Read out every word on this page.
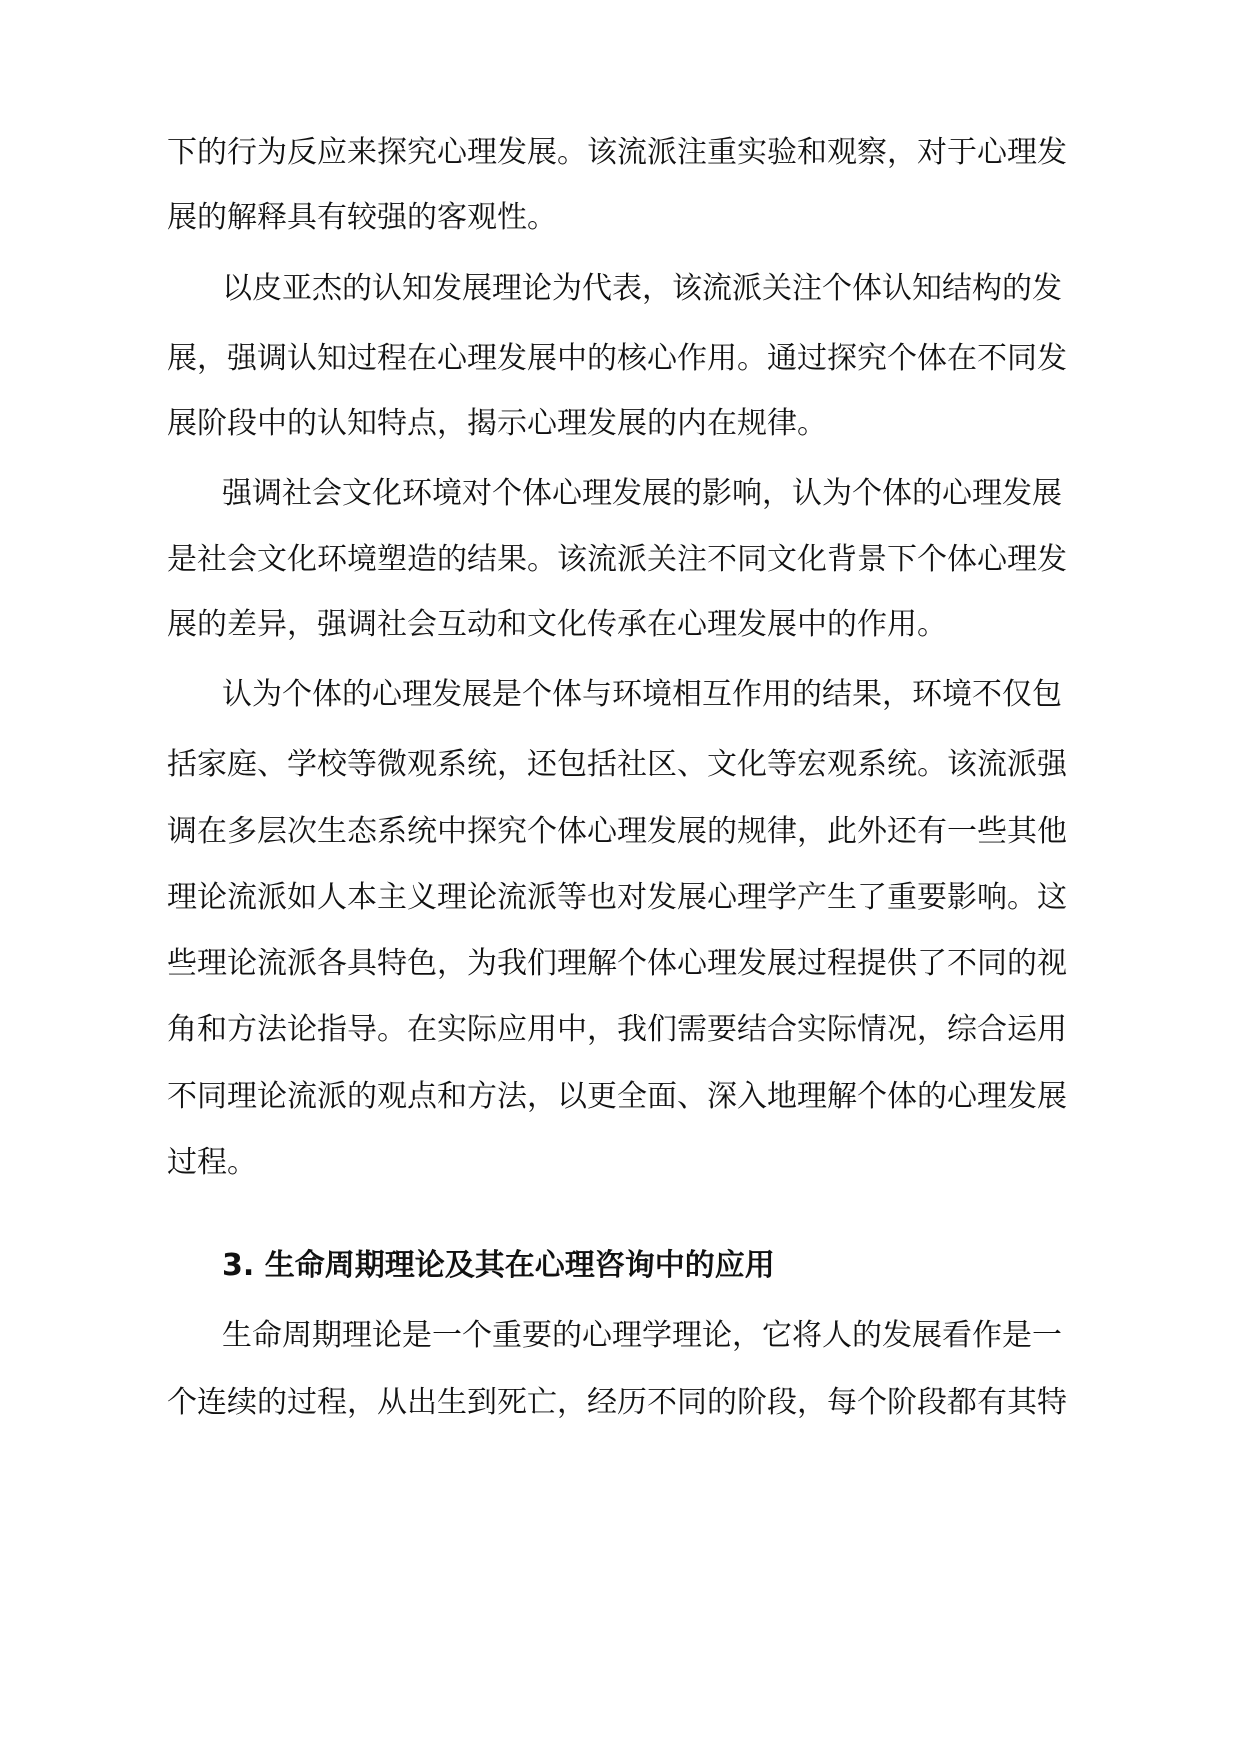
下的行为反应来探究心理发展。该流派注重实验和观察，对于心理发
展的解释具有较强的客观性。
以皮亚杰的认知发展理论为代表，该流派关注个体认知结构的发
展，强调认知过程在心理发展中的核心作用。通过探究个体在不同发
展阶段中的认知特点，揭示心理发展的内在规律。
强调社会文化环境对个体心理发展的影响，认为个体的心理发展
是社会文化环境塑造的结果。该流派关注不同文化背景下个体心理发
展的差异，强调社会互动和文化传承在心理发展中的作用。
认为个体的心理发展是个体与环境相互作用的结果，环境不仅包
括家庭、学校等微观系统，还包括社区、文化等宏观系统。该流派强
调在多层次生态系统中探究个体心理发展的规律，此外还有一些其他
理论流派如人本主义理论流派等也对发展心理学产生了重要影响。这
些理论流派各具特色，为我们理解个体心理发展过程提供了不同的视
角和方法论指导。在实际应用中，我们需要结合实际情况，综合运用
不同理论流派的观点和方法，以更全面、深入地理解个体的心理发展
过程。
3. 生命周期理论及其在心理咨询中的应用
生命周期理论是一个重要的心理学理论，它将人的发展看作是一
个连续的过程，从出生到死亡，经历不同的阶段，每个阶段都有其特
